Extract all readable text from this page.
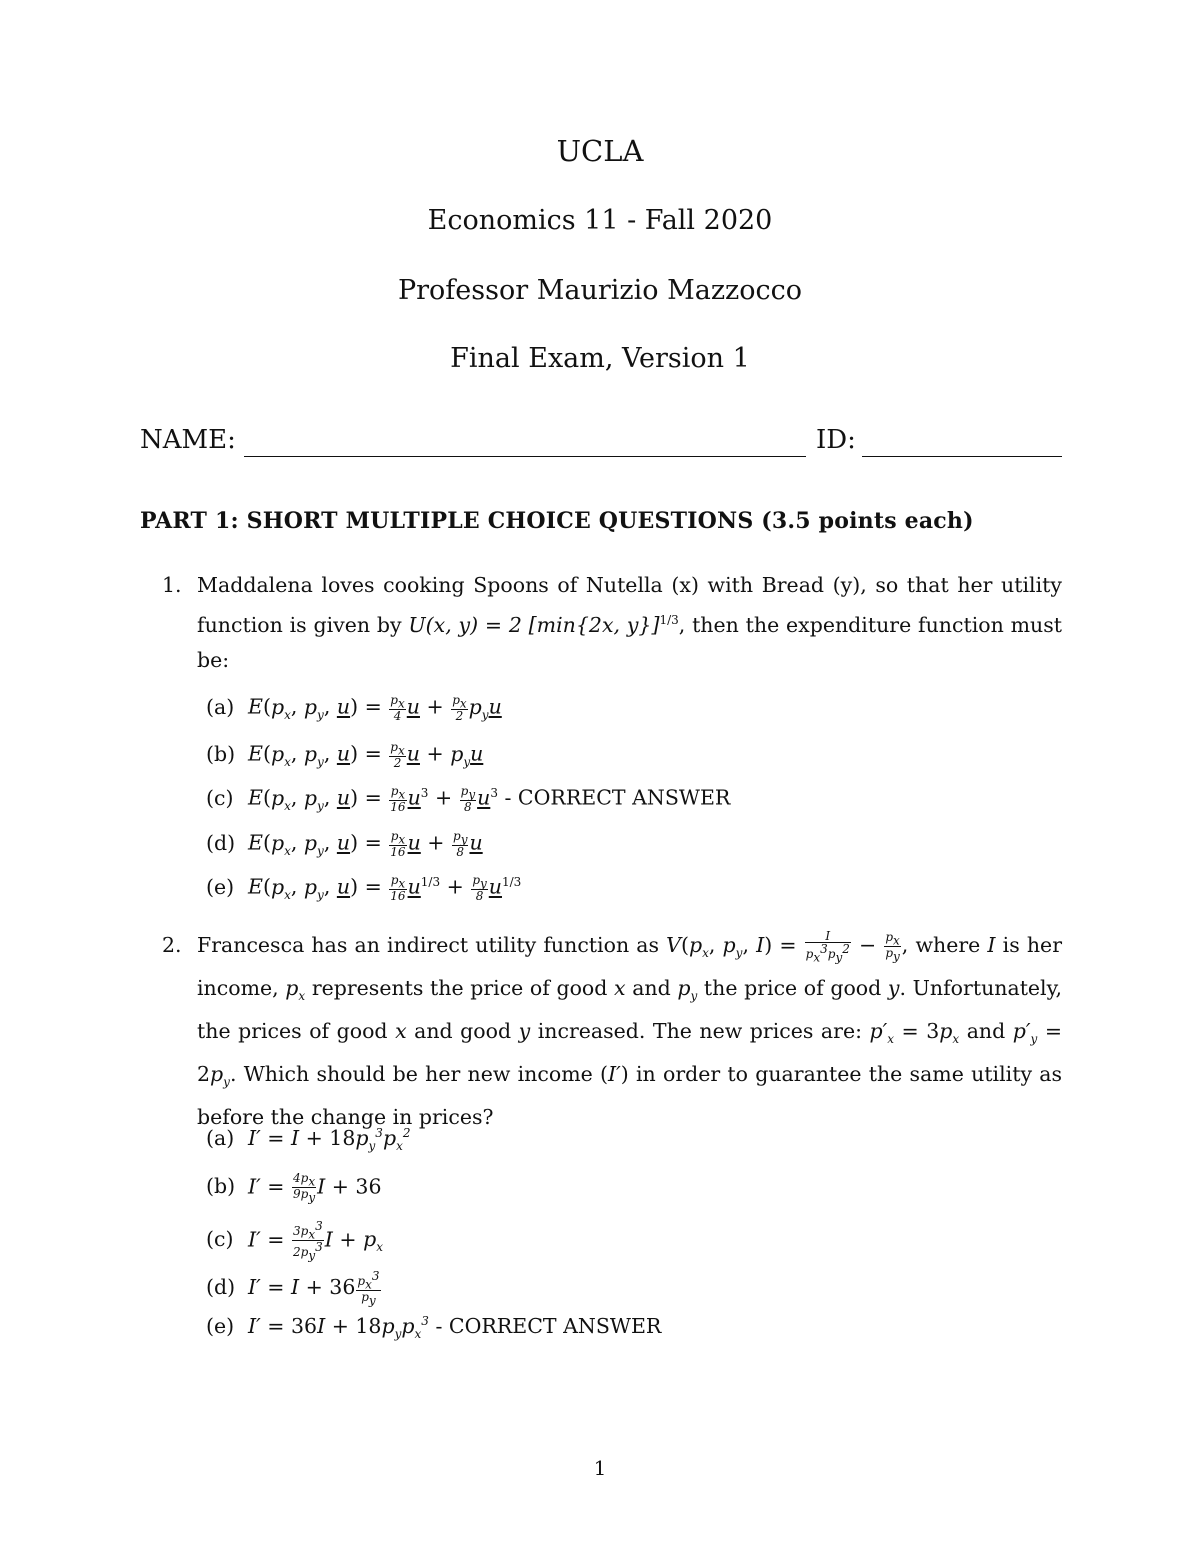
UCLA
Economics 11 - Fall 2020
Professor Maurizio Mazzocco
Final Exam, Version 1
NAME:	ID:
PART 1: SHORT MULTIPLE CHOICE QUESTIONS (3.5 points each)
1. Maddalena loves cooking Spoons of Nutella (x) with Bread (y), so that her utility function is given by U(x, y) = 2 [min{2x, y}]$^{1/3}$, then the expenditure function must be:
(a) $E(p_x$, $p_y$, $u) = \frac{p_x}{4}$ $u + \frac{p_x}{2} p_yu$
(b) $E(p_x$, $p_y$, $u) = \frac{p_x}{2}$ $u + p_yu$
(c) $E(p_x$, $p_y$, $u) = \frac{p_x}{16} u^3 + \frac{p_y}{8} u^3$ - CORRECT ANSWER
(d) $E(p_x$, $p_y$, $u) = \frac{p_x}{16}$ $u + \frac{p_y}{8}$ u
(e) $E(p_x$, $p_y$, $u) = \frac{p_x}{16} u^{1/3} + \frac{p_y}{8} u^{1/3}$
2. Francesca has an indirect utility function as $V(p_x$, $p_y$, $I) = \frac{I}{p_x^3p_y^2} - \frac{p_x}{p_y}$ , where I is her income, $p_x$ represents the price of good x and $p_y$ the price of good y. Unfortunately, the prices of good x and good y increased. The new prices are: $p'_x = 3p_x$ and $p'_y = 2p_y$. Which should be her new income (I′) in order to guarantee the same utility as before the change in prices?
(a) $I' = I + 18p_y^3p_x^2$
(b) $I' = \frac{4p_x}{9p_y}$ I + 36
(c) $I' = \frac{3p_x^3}{2p_y^3}$ $I + p_x$
(d) $I' = I + 36 \frac{p_x^3}{p_y}$
(e) $I' = 36I + 18p_yp_x^3$ - CORRECT ANSWER
1
